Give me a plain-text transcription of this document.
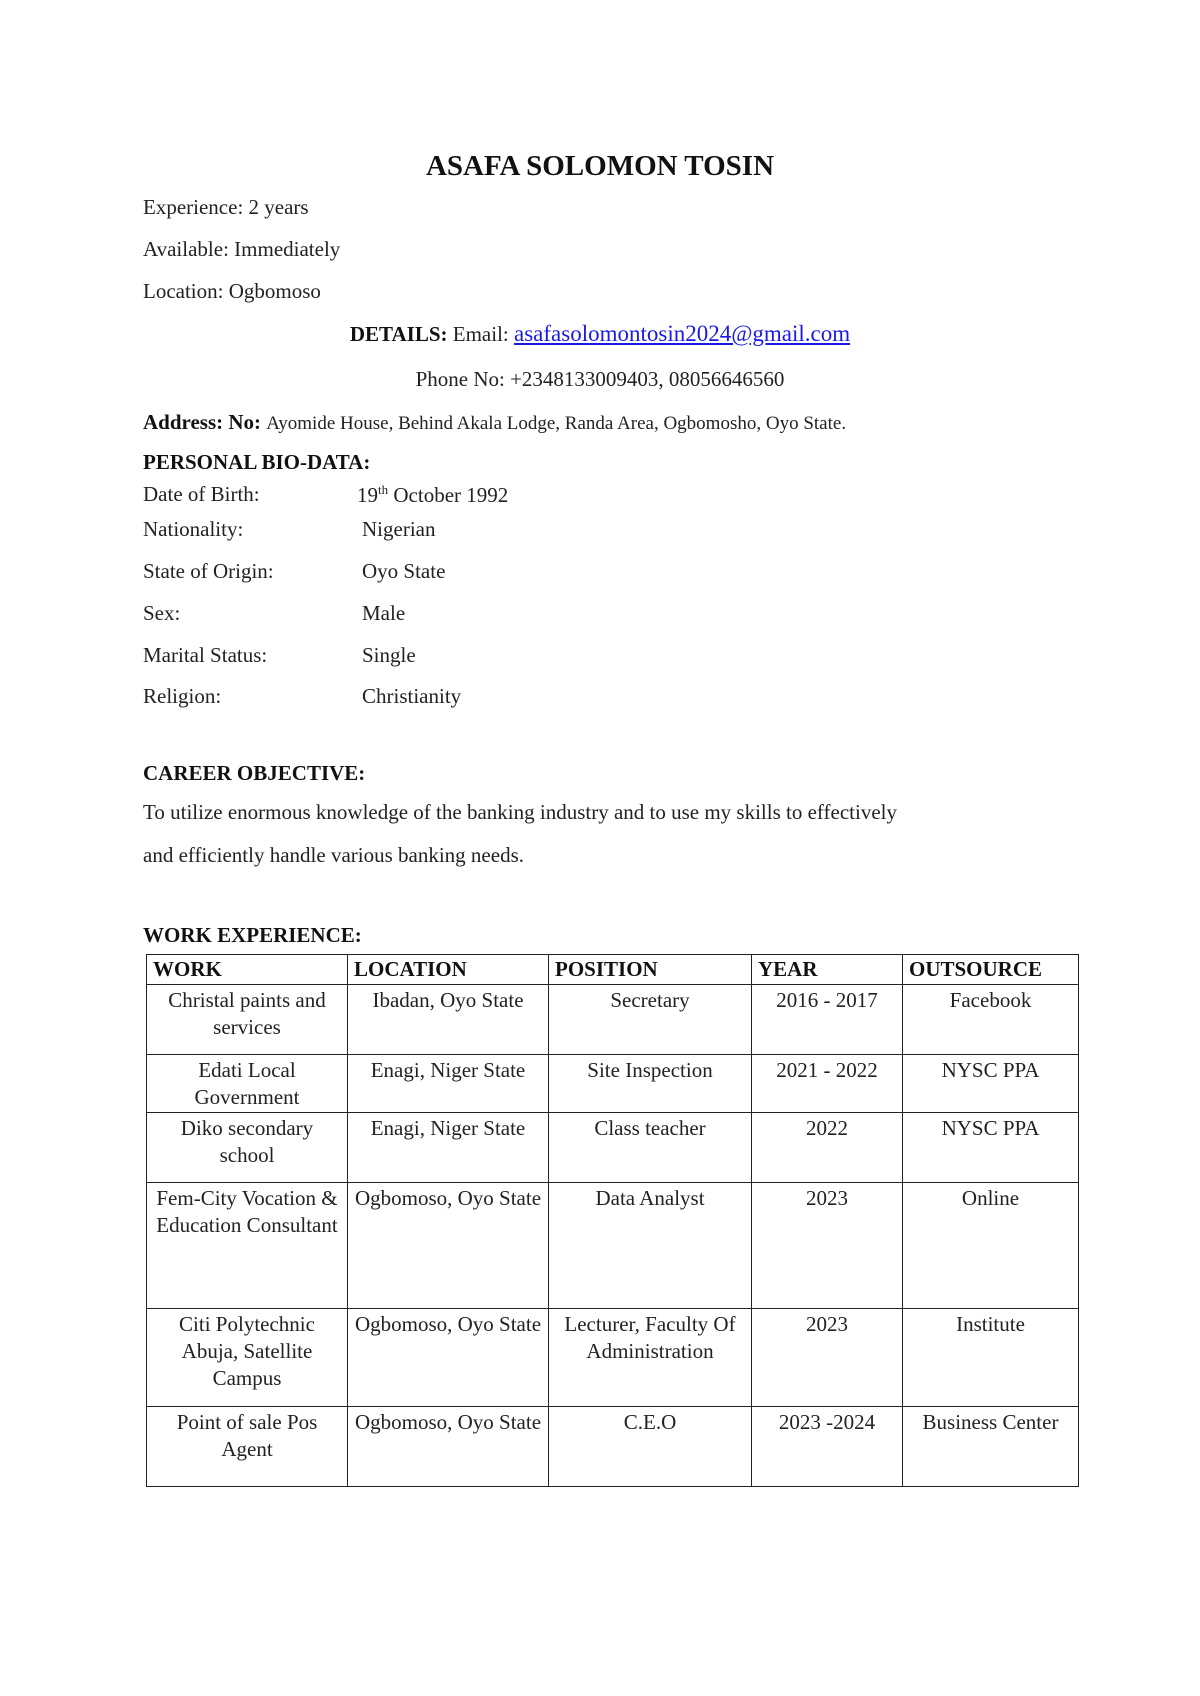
ASAFA SOLOMON TOSIN
Experience: 2 years
Available: Immediately
Location: Ogbomoso
DETAILS: Email: asafasolomontosin2024@gmail.com
Phone No: +2348133009403, 08056646560
Address: No: Ayomide House, Behind Akala Lodge, Randa Area, Ogbomosho, Oyo State.
PERSONAL BIO-DATA:
Date of Birth:	19th October 1992
Nationality:	Nigerian
State of Origin:	Oyo State
Sex:	Male
Marital Status:	Single
Religion:	Christianity
CAREER OBJECTIVE:
To utilize enormous knowledge of the banking industry and to use my skills to effectively
and efficiently handle various banking needs.
WORK EXPERIENCE:
WORK	LOCATION	POSITION	YEAR	OUTSOURCE
Christal paints and services	Ibadan, Oyo State	Secretary	2016 - 2017	Facebook
Edati Local Government	Enagi, Niger State	Site Inspection	2021 - 2022	NYSC PPA
Diko secondary school	Enagi, Niger State	Class teacher	2022	NYSC PPA
Fem-City Vocation & Education Consultant	Ogbomoso, Oyo State	Data Analyst	2023	Online
Citi Polytechnic Abuja, Satellite Campus	Ogbomoso, Oyo State	Lecturer, Faculty Of Administration	2023	Institute
Point of sale Pos Agent	Ogbomoso, Oyo State	C.E.O	2023 -2024	Business Center
